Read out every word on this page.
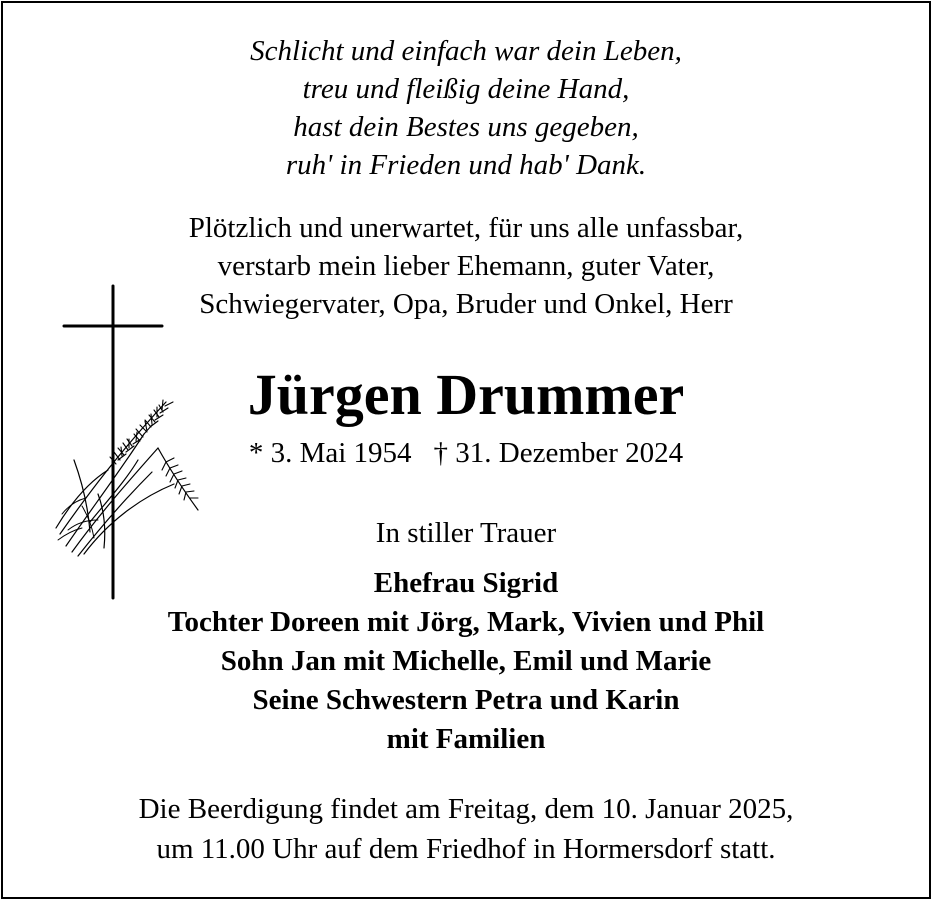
Schlicht und einfach war dein Leben,
treu und fleißig deine Hand,
hast dein Bestes uns gegeben,
ruh' in Frieden und hab' Dank.
Plötzlich und unerwartet, für uns alle unfassbar,
verstarb mein lieber Ehemann, guter Vater,
Schwiegervater, Opa, Bruder und Onkel, Herr
Jürgen Drummer
* 3. Mai 1954 † 31. Dezember 2024
In stiller Trauer
Ehefrau Sigrid
Tochter Doreen mit Jörg, Mark, Vivien und Phil
Sohn Jan mit Michelle, Emil und Marie
Seine Schwestern Petra und Karin
mit Familien
Die Beerdigung findet am Freitag, dem 10. Januar 2025,
um 11.00 Uhr auf dem Friedhof in Hormersdorf statt.
